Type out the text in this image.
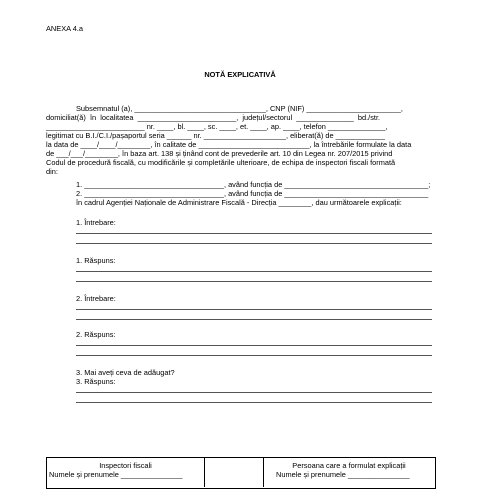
ANEXA 4.a
NOTĂ EXPLICATIVĂ
Subsemnatul (a), ________________________________, CNP (NIF) _______________________,
domiciliat(ă)  în  localitatea  ________________________,  județul/sectorul  ______________  bd./str.
________________________ nr. ____, bl. ____, sc. ____, et. ____, ap. ____, telefon ______________,
legitimat cu B.I./C.I./pașaportul seria ______ nr. ____________________, eliberat(ă) de ____________
la data de ____/____/________, în calitate de ___________________________, la întrebările formulate la data
de ___/___/________, în baza art. 138 și ținând cont de prevederile art. 10 din Legea nr. 207/2015 privind
Codul de procedură fiscală, cu modificările și completările ulterioare, de echipa de inspectori fiscali formată
din:
1. __________________________________, având funcția de ___________________________________;
2. __________________________________, având funcția de ___________________________________
în cadrul Agenției Naționale de Administrare Fiscală - Direcția ________, dau următoarele explicații:
1. Întrebare:
1. Răspuns:
2. Întrebare:
2. Răspuns:
3. Mai aveți ceva de adăugat?
3. Răspuns:
Inspectori fiscali
Numele și prenumele _______________
Persoana care a formulat explicații
Numele și prenumele _______________
